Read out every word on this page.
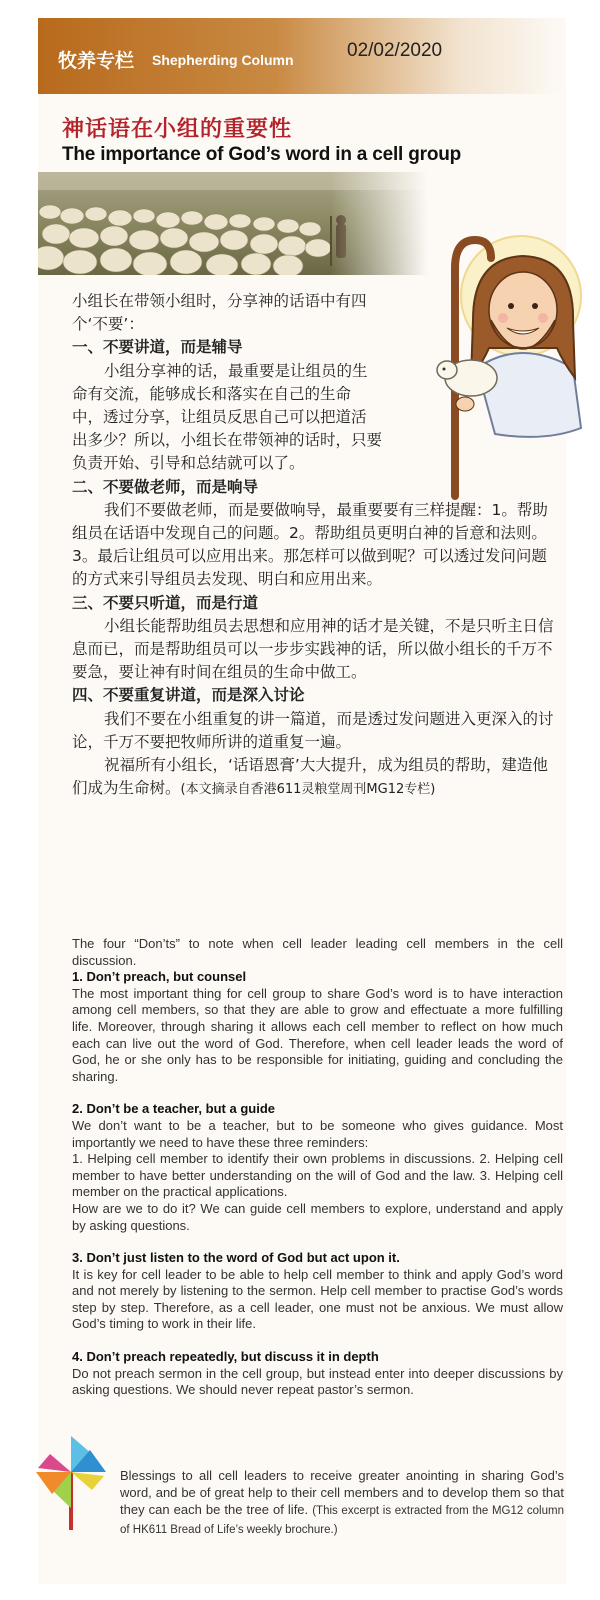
牧养专栏 Shepherding Column	02/02/2020
神话语在小组的重要性
The importance of God’s word in a cell group

小组长在带领小组时，分享神的话语中有四

个‘不要’：

一、不要讲道，而是辅导

小组分享神的话，最重要是让组员的生

命有交流，能够成长和落实在自己的生命

中，透过分享，让组员反思自己可以把道活

出多少？所以，小组长在带领神的话时，只要

负责开始、引导和总结就可以了。

二、不要做老师，而是响导

我们不要做老师，而是要做响导，最重要要有三样提醒：1。帮助组员在话语中发现自己的问题。2。帮助组员更明白神的旨意和法则。3。最后让组员可以应用出来。那怎样可以做到呢？可以透过发问问题的方式来引导组员去发现、明白和应用出来。

三、不要只听道，而是行道

小组长能帮助组员去思想和应用神的话才是关键，不是只听主日信息而已，而是帮助组员可以一步步实践神的话，所以做小组长的千万不要急，要让神有时间在组员的生命中做工。

四、不要重复讲道，而是深入讨论

我们不要在小组重复的讲一篇道，而是透过发问题进入更深入的讨论，千万不要把牧师所讲的道重复一遍。

祝福所有小组长，‘话语恩膏’大大提升，成为组员的帮助，建造他们成为生命树。(本文摘录自香港611灵粮堂周刊MG12专栏)

The four “Don’ts” to note when cell leader leading cell members in the cell discussion.

1. Don’t preach, but counsel

The most important thing for cell group to share God’s word is to have interaction among cell members, so that they are able to grow and effectuate a more fulfilling life. Moreover, through sharing it allows each cell member to reflect on how much each can live out the word of God. Therefore, when cell leader leads the word of God, he or she only has to be responsible for initiating, guiding and concluding the sharing.

2. Don’t be a teacher, but a guide

We don’t want to be a teacher, but to be someone who gives guidance. Most importantly we need to have these three reminders:

1. Helping cell member to identify their own problems in discussions. 2. Helping cell member to have better understanding on the will of God and the law. 3. Helping cell member on the practical applications.

How are we to do it? We can guide cell members to explore, understand and apply by asking questions.

3. Don’t just listen to the word of God but act upon it.

It is key for cell leader to be able to help cell member to think and apply God’s word and not merely by listening to the sermon. Help cell member to practise God’s words step by step. Therefore, as a cell leader, one must not be anxious. We must allow God’s timing to work in their life.

4. Don’t preach repeatedly, but discuss it in depth

Do not preach sermon in the cell group, but instead enter into deeper discussions by asking questions. We should never repeat pastor’s sermon.

Blessings to all cell leaders to receive greater anointing in sharing God’s word, and be of great help to their cell members and to develop them so that they can each be the tree of life. (This excerpt is extracted from the MG12 column of HK611 Bread of Life’s weekly brochure.)
